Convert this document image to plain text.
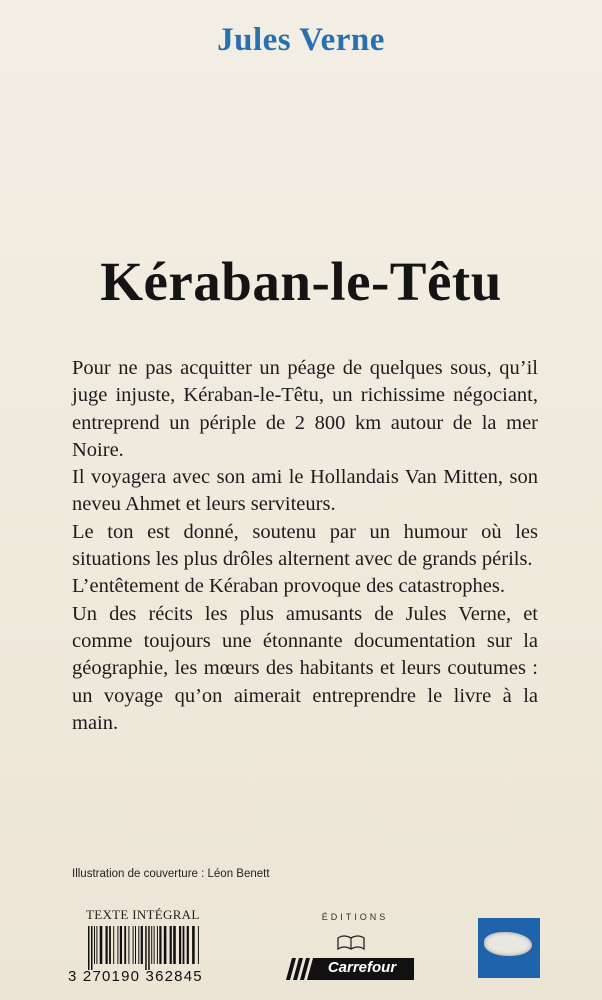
Jules Verne
Kéraban-le-Têtu

Pour ne pas acquitter un péage de quelques sous, qu’il juge injuste, Kéraban-le-Têtu, un richissime négociant, entreprend un périple de 2 800 km autour de la mer Noire.

Il voyagera avec son ami le Hollandais Van Mitten, son neveu Ahmet et leurs serviteurs.

Le ton est donné, soutenu par un humour où les situations les plus drôles alternent avec de grands périls.

L’entêtement de Kéraban provoque des catastrophes.

Un des récits les plus amusants de Jules Verne, et comme toujours une étonnante documentation sur la géographie, les mœurs des habitants et leurs coutumes : un voyage qu’on aimerait entreprendre le livre à la main.

Illustration de couverture : Léon Benett
TEXTE INTÉGRAL
3 270190 362845
ÉDITIONS
Carrefour
